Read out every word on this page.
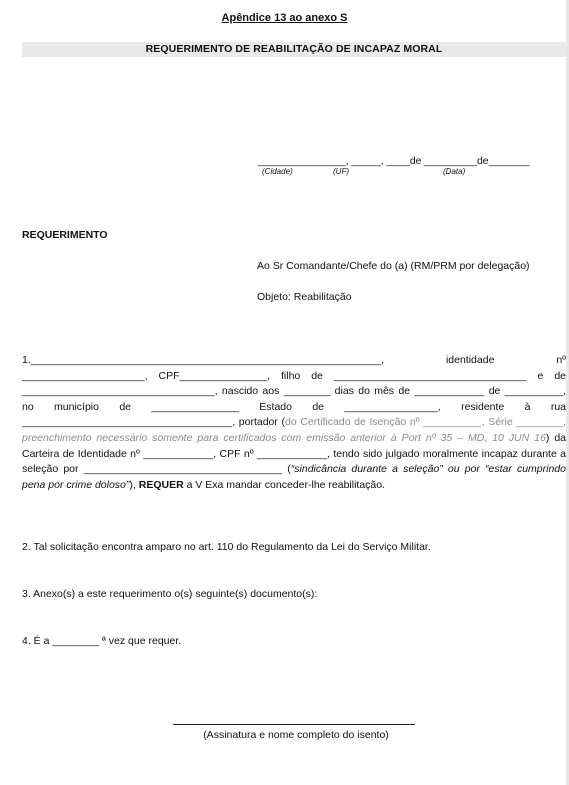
Apêndice 13 ao anexo S
REQUERIMENTO DE REABILITAÇÃO DE INCAPAZ MORAL
_______________, _____, ____de _________de_______
(Cidade)	(UF)	(Data)
REQUERIMENTO
Ao Sr Comandante/Chefe do (a) (RM/PRM por delegação)
Objeto: Reabilitação
1.____________________________________________________________, identidade nº _____________________, CPF_______________, filho de _________________________________ e de _________________________________, nascido aos ________ dias do mês de ____________ de __________, no município de _______________ Estado de ________________, residente à rua ____________________________________, portador (do Certificado de Isenção nº __________, Série ________, preenchimento necessário somente para certificados com emissão anterior à Port nº 35 – MD, 10 JUN 16) da Carteira de Identidade nº ____________, CPF nº ____________, tendo sido julgado moralmente incapaz durante a seleção por __________________________________ (“sindicância durante a seleção” ou por “estar cumprindo pena por crime doloso”), REQUER a V Exa mandar conceder-lhe reabilitação.
2. Tal solicitação encontra amparo no art. 110 do Regulamento da Lei do Serviço Militar.
3. Anexo(s) a este requerimento o(s) seguinte(s) documento(s):
4. É a ________ ª vez que requer.
(Assinatura e nome completo do isento)
